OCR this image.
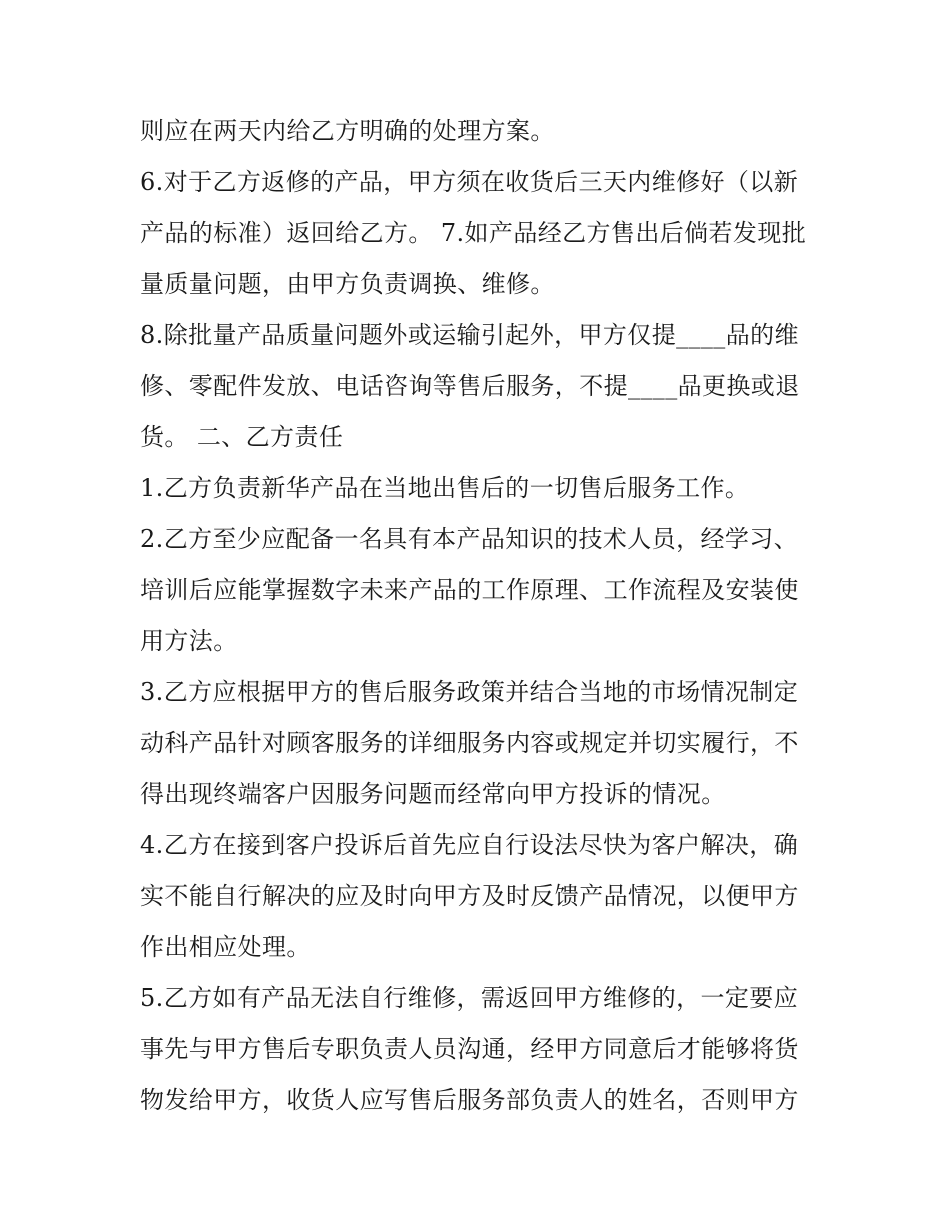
则应在两天内给乙方明确的处理方案。
6.对于乙方返修的产品，甲方须在收货后三天内维修好（以新
产品的标准）返回给乙方。 7.如产品经乙方售出后倘若发现批
量质量问题，由甲方负责调换、维修。
8.除批量产品质量问题外或运输引起外，甲方仅提____品的维
修、零配件发放、电话咨询等售后服务，不提____品更换或退
货。 二、乙方责任
1.乙方负责新华产品在当地出售后的一切售后服务工作。
2.乙方至少应配备一名具有本产品知识的技术人员，经学习、
培训后应能掌握数字未来产品的工作原理、工作流程及安装使
用方法。
3.乙方应根据甲方的售后服务政策并结合当地的市场情况制定
动科产品针对顾客服务的详细服务内容或规定并切实履行，不
得出现终端客户因服务问题而经常向甲方投诉的情况。
4.乙方在接到客户投诉后首先应自行设法尽快为客户解决，确
实不能自行解决的应及时向甲方及时反馈产品情况，以便甲方
作出相应处理。
5.乙方如有产品无法自行维修，需返回甲方维修的，一定要应
事先与甲方售后专职负责人员沟通，经甲方同意后才能够将货
物发给甲方，收货人应写售后服务部负责人的姓名，否则甲方
